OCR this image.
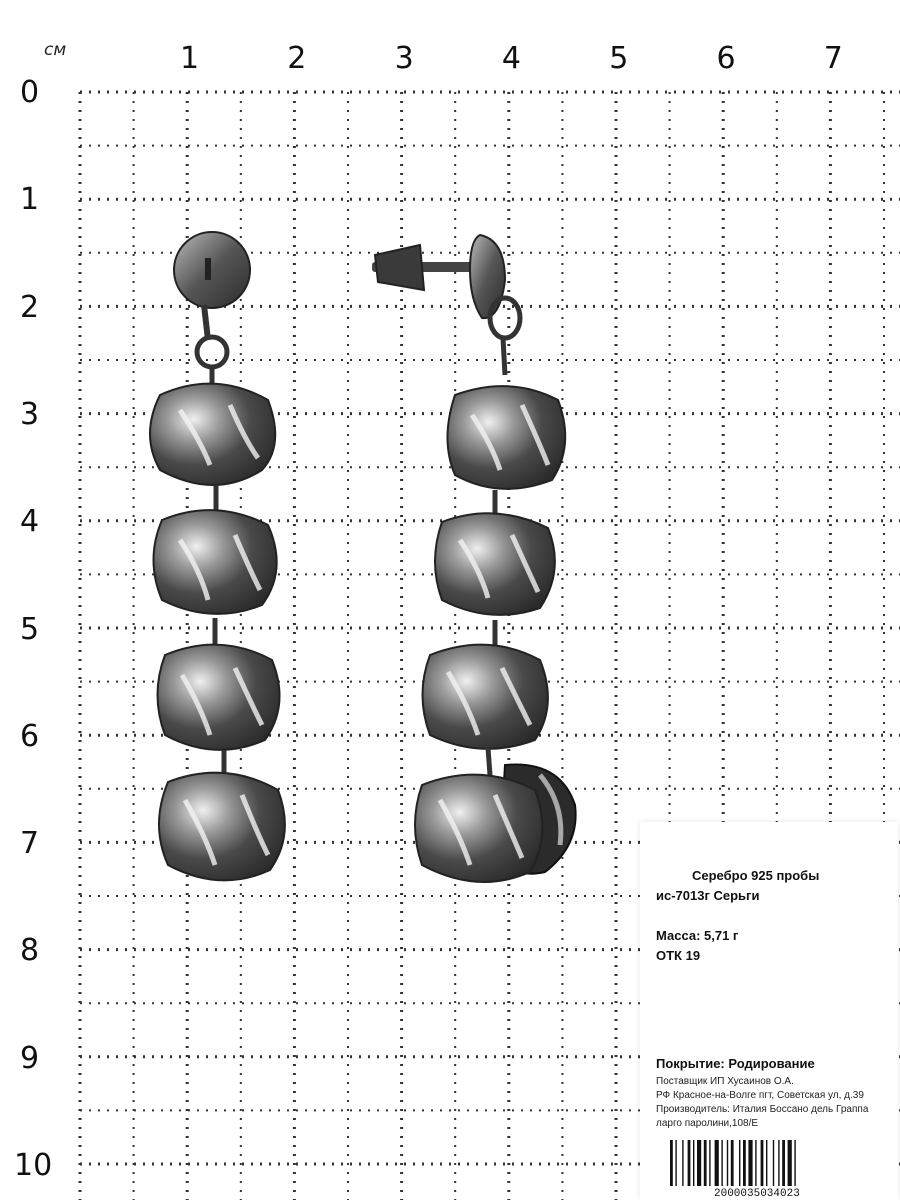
см	1	2	3	4	5	6	7
0
1
2
3
4
5
6
7
8
9
10
Серебро 925 пробы
ис-7013г Серьги
Масса: 5,71 г
ОТК 19
Покрытие: Родирование
Поставщик ИП Хусаинов О.А.
РФ Красное-на-Волге пгт, Советская ул, д.39
Производитель: Италия Боссано дель Граппа
ларго паролини,108/Е
2000035034023
